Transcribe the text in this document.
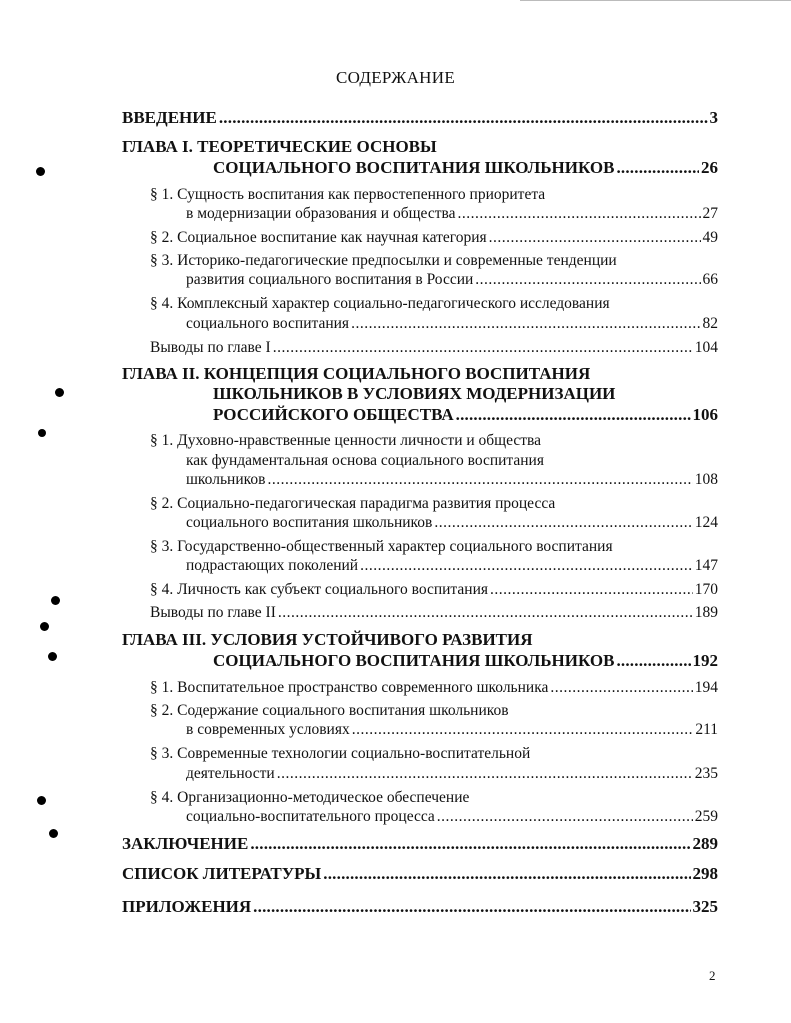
СОДЕРЖАНИЕ
ВВЕДЕНИЕ .....	3
ГЛАВА I. ТЕОРЕТИЧЕСКИЕ ОСНОВЫ
СОЦИАЛЬНОГО ВОСПИТАНИЯ ШКОЛЬНИКОВ .....	26
§ 1. Сущность воспитания как первостепенного приоритета
в модернизации образования и общества .....	27
§ 2. Социальное воспитание как научная категория .....	49
§ 3. Историко-педагогические предпосылки и современные тенденции
развития социального воспитания в России .....	66
§ 4. Комплексный характер социально-педагогического исследования
социального воспитания .....	82
Выводы по главе I .....	104
ГЛАВА II. КОНЦЕПЦИЯ СОЦИАЛЬНОГО ВОСПИТАНИЯ
ШКОЛЬНИКОВ В УСЛОВИЯХ МОДЕРНИЗАЦИИ
РОССИЙСКОГО ОБЩЕСТВА .....	106
§ 1. Духовно-нравственные ценности личности и общества
как фундаментальная основа социального воспитания
школьников .....	108
§ 2. Социально-педагогическая парадигма развития процесса
социального воспитания школьников .....	124
§ 3. Государственно-общественный характер социального воспитания
подрастающих поколений .....	147
§ 4. Личность как субъект социального воспитания .....	170
Выводы по главе II .....	189
ГЛАВА III. УСЛОВИЯ УСТОЙЧИВОГО РАЗВИТИЯ
СОЦИАЛЬНОГО ВОСПИТАНИЯ ШКОЛЬНИКОВ .....	192
§ 1. Воспитательное пространство современного школьника .....	194
§ 2. Содержание социального воспитания школьников
в современных условиях .....	211
§ 3. Современные технологии социально-воспитательной
деятельности .....	235
§ 4. Организационно-методическое обеспечение
социально-воспитательного процесса .....	259
ЗАКЛЮЧЕНИЕ .....	289
СПИСОК ЛИТЕРАТУРЫ .....	298
ПРИЛОЖЕНИЯ .....	325
2
